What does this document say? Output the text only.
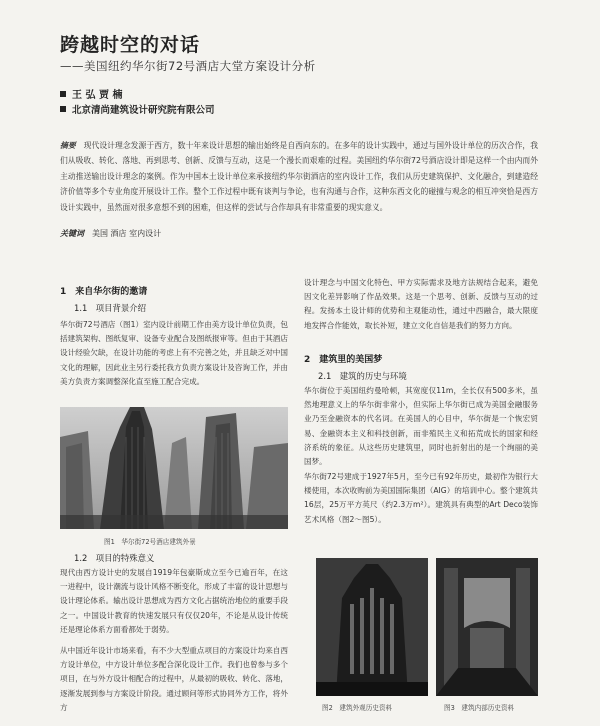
跨越时空的对话
——美国纽约华尔街72号酒店大堂方案设计分析
王 弘 贾 楠
北京清尚建筑设计研究院有限公司
摘要 现代设计理念发源于西方，数十年来设计思想的输出始终是自西向东的。在多年的设计实践中，通过与国外设计单位的历次合作，我们从吸收、转化、落地、再到思考、创新、反馈与互动，这是一个漫长而艰难的过程。美国纽约华尔街72号酒店设计即是这样一个由内而外主动推送输出设计理念的案例。作为中国本土设计单位来承接纽约华尔街酒店的室内设计工作，我们从历史建筑保护、文化融合，到建造经济价值等多个专业角度开展设计工作。整个工作过程中既有谈判与争论，也有沟通与合作，这种东西文化的碰撞与观念的相互冲突恰是西方设计实践中，虽然面对很多意想不到的困难，但这样的尝试与合作却具有非常重要的现实意义。
关键词 美国 酒店 室内设计
1　来自华尔街的邀请
1.1　项目背景介绍
华尔街72号酒店（图1）室内设计前期工作由美方设计单位负责，包括建筑架构、图纸复审、设备专业配合及图纸报审等。但由于其酒店设计经验欠缺，在设计功能的考虑上有不完善之处，并且缺乏对中国文化的理解，因此业主另行委托我方负责方案设计及咨询工作，并由美方负责方案调整深化直至施工配合完成。
图1　华尔街72号酒店建筑外景
1.2　项目的特殊意义
现代由西方设计史的发展自1919年包豪斯成立至今已逾百年，在这一进程中，设计潮流与设计风格不断变化，形成了丰富的设计思想与设计理论体系。输出设计思想成为西方文化占据统治地位的重要手段之一。中国设计教育的快速发展只有仅仅20年，不论是从设计传统还是理论体系方面看都处于弱势。
从中国近年设计市场来看，有不少大型重点项目的方案设计均来自西方设计单位，中方设计单位多配合深化设计工作。我们也曾参与多个项目，在与外方设计相配合的过程中，从最初的吸收、转化、落地，逐渐发展到参与方案设计阶段。通过顾问等形式协同外方工作，将外方
设计理念与中国文化特色、甲方实际需求及地方法规结合起来，避免因文化差异影响了作品效果。这是一个思考、创新、反馈与互动的过程。发扬本土设计师的优势和主观能动性，通过中西融合，最大限度地发挥合作能效，取长补短，建立文化自信是我们的努力方向。
2　建筑里的美国梦
2.1　建筑的历史与环境
华尔街位于美国纽约曼哈顿，其宽度仅11m，全长仅有500多米，虽然地理意义上的华尔街非常小，但实际上华尔街已成为美国金融服务业乃至金融资本的代名词。在美国人的心目中，华尔街是一个恢宏贸易、金融资本主义和科技创新，而非殖民主义和拓荒成长的国家和经济系统的象征。从这些历史建筑里，同时也折射出的是一个绚丽的美国梦。
华尔街72号建成于1927年5月，至今已有92年历史，最初作为银行大楼使用，本次收购前为美国国际集团（AIG）的培训中心。整个建筑共16层，25万平方英尺（约2.3万m²）。建筑具有典型的Art Deco装饰艺术风格（图2～图5）。
图2　建筑外观历史资料	图3　建筑内部历史资料
